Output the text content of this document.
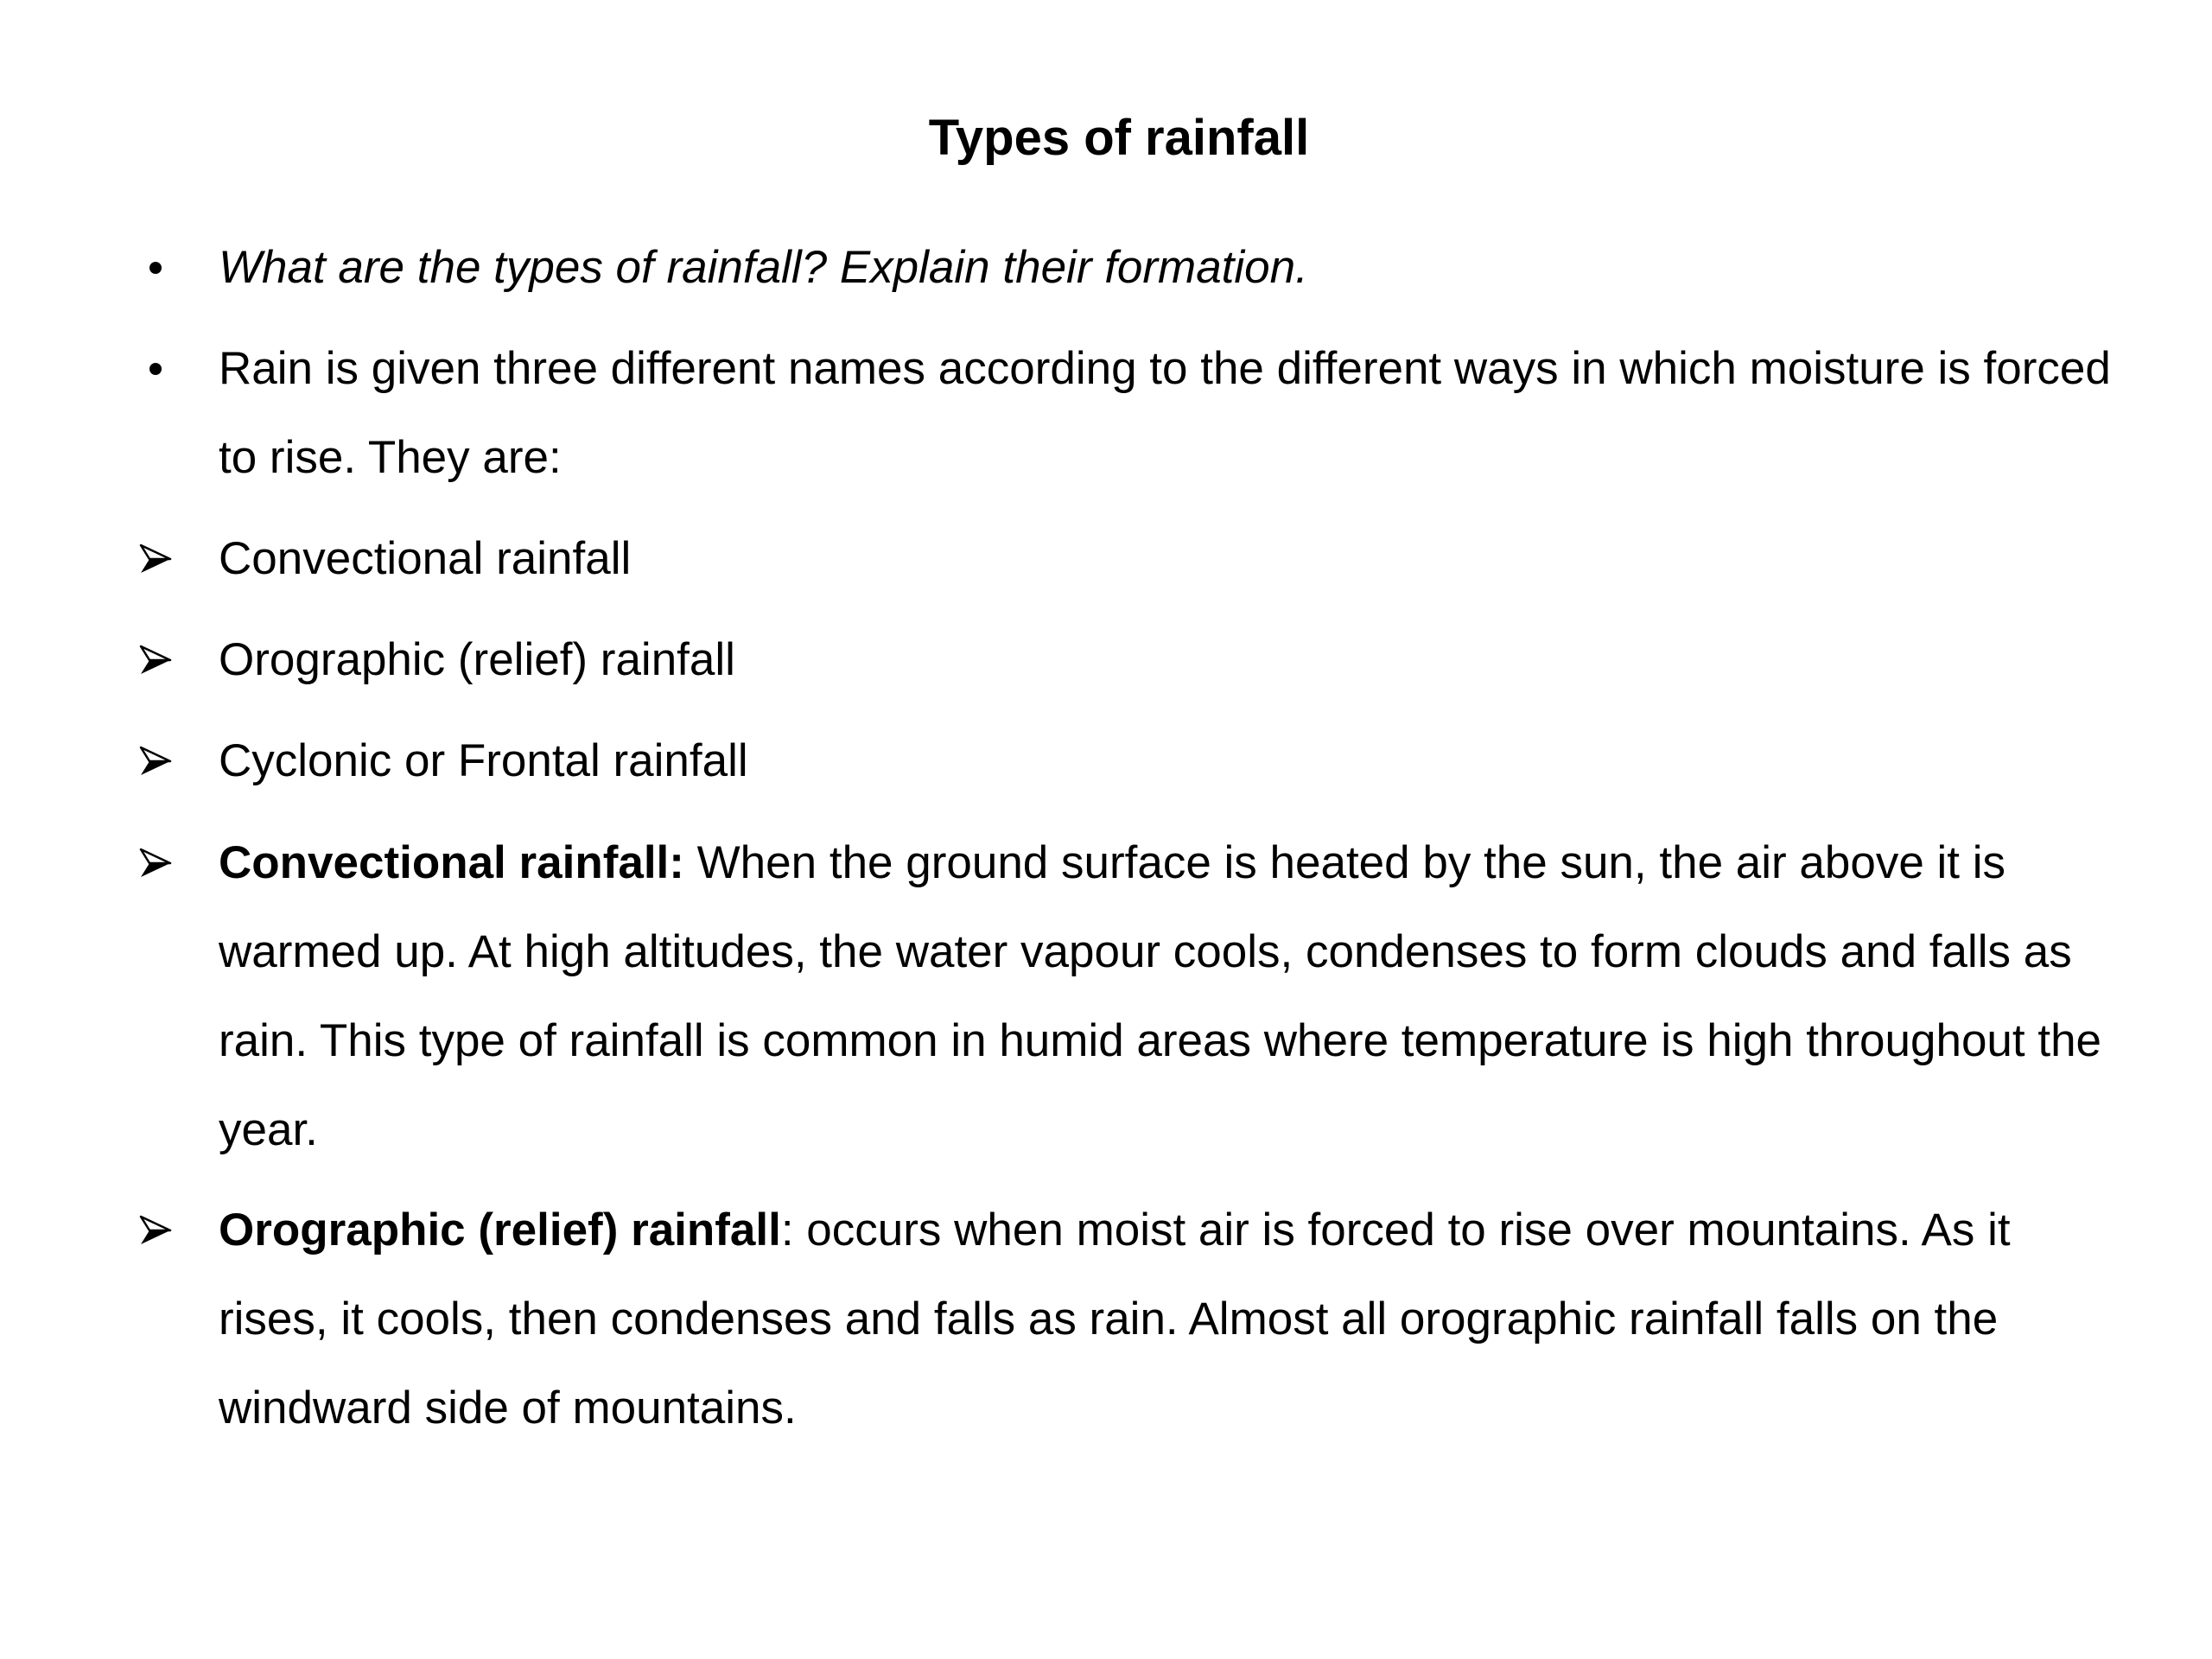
Types of rainfall
What are the types of rainfall? Explain their formation.
Rain is given three different names according to the different ways in which moisture is forced to rise. They are:
Convectional rainfall
Orographic (relief) rainfall
Cyclonic or Frontal rainfall
Convectional rainfall: When the ground surface is heated by the sun, the air above it is warmed up. At high altitudes, the water vapour cools, condenses to form clouds and falls as rain. This type of rainfall is common in humid areas where temperature is high throughout the year.
Orographic (relief) rainfall: occurs when moist air is forced to rise over mountains. As it rises, it cools, then condenses and falls as rain. Almost all orographic rainfall falls on the windward side of mountains.
